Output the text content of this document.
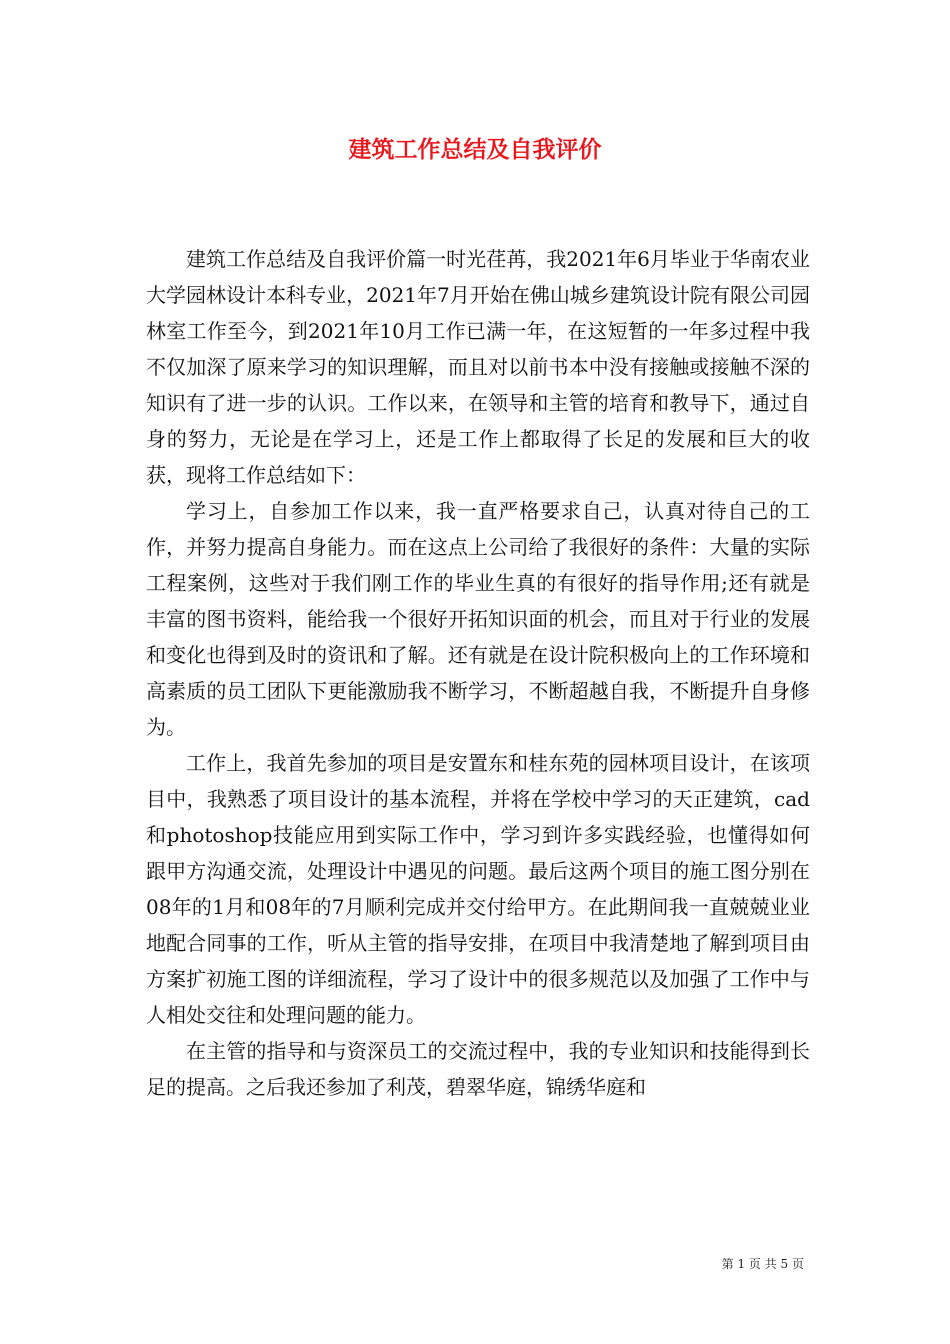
建筑工作总结及自我评价

建筑工作总结及自我评价篇一时光荏苒，我2021年6月毕业于华南农业大学园林设计本科专业，2021年7月开始在佛山城乡建筑设计院有限公司园林室工作至今，到2021年10月工作已满一年，在这短暂的一年多过程中我不仅加深了原来学习的知识理解，而且对以前书本中没有接触或接触不深的知识有了进一步的认识。工作以来，在领导和主管的培育和教导下，通过自身的努力，无论是在学习上，还是工作上都取得了长足的发展和巨大的收获，现将工作总结如下：

学习上，自参加工作以来，我一直严格要求自己，认真对待自己的工作，并努力提高自身能力。而在这点上公司给了我很好的条件：大量的实际工程案例，这些对于我们刚工作的毕业生真的有很好的指导作用;还有就是丰富的图书资料，能给我一个很好开拓知识面的机会，而且对于行业的发展和变化也得到及时的资讯和了解。还有就是在设计院积极向上的工作环境和高素质的员工团队下更能激励我不断学习，不断超越自我，不断提升自身修为。

工作上，我首先参加的项目是安置东和桂东苑的园林项目设计，在该项目中，我熟悉了项目设计的基本流程，并将在学校中学习的天正建筑，cad和photoshop技能应用到实际工作中，学习到许多实践经验，也懂得如何跟甲方沟通交流，处理设计中遇见的问题。最后这两个项目的施工图分别在08年的1月和08年的7月顺利完成并交付给甲方。在此期间我一直兢兢业业地配合同事的工作，听从主管的指导安排，在项目中我清楚地了解到项目由方案扩初施工图的详细流程，学习了设计中的很多规范以及加强了工作中与人相处交往和处理问题的能力。

在主管的指导和与资深员工的交流过程中，我的专业知识和技能得到长足的提高。之后我还参加了利茂，碧翠华庭，锦绣华庭和

第 1 页 共 5 页
